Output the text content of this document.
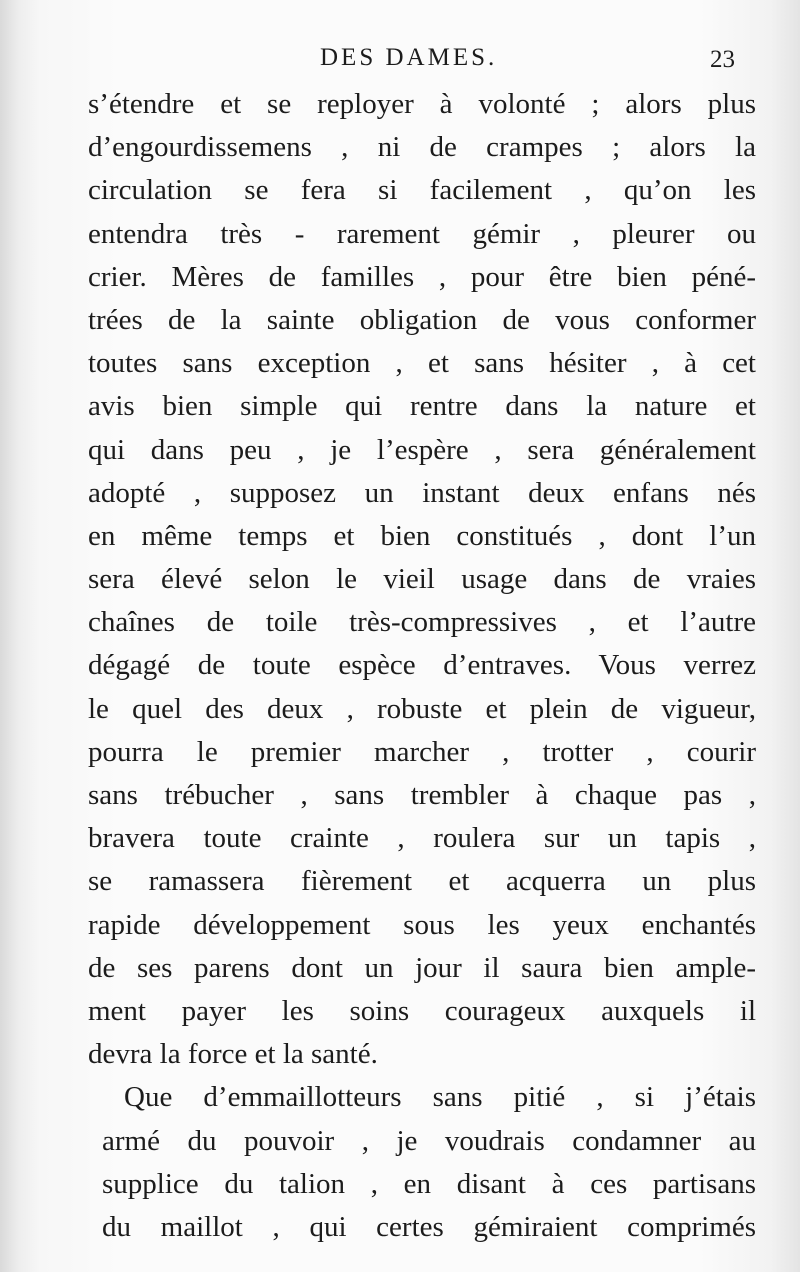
DES DAMES.	23
s’étendre et se reployer à volonté ; alors plus
d’engourdissemens , ni de crampes ; alors la
circulation se fera si facilement , qu’on les
entendra très - rarement gémir , pleurer ou
crier. Mères de familles , pour être bien péné-
trées de la sainte obligation de vous conformer
toutes sans exception , et sans hésiter , à cet
avis bien simple qui rentre dans la nature et
qui dans peu , je l’espère , sera généralement
adopté , supposez un instant deux enfans nés
en même temps et bien constitués , dont l’un
sera élevé selon le vieil usage dans de vraies
chaînes de toile très-compressives , et l’autre
dégagé de toute espèce d’entraves. Vous verrez
le quel des deux , robuste et plein de vigueur,
pourra le premier marcher , trotter , courir
sans trébucher , sans trembler à chaque pas ,
bravera toute crainte , roulera sur un tapis ,
se ramassera fièrement et acquerra un plus
rapide développement sous les yeux enchantés
de ses parens dont un jour il saura bien ample-
ment payer les soins courageux auxquels il
devra la force et la santé.
Que d’emmaillotteurs sans pitié , si j’étais
armé du pouvoir , je voudrais condamner au
supplice du talion , en disant à ces partisans
du maillot , qui certes gémiraient comprimés
